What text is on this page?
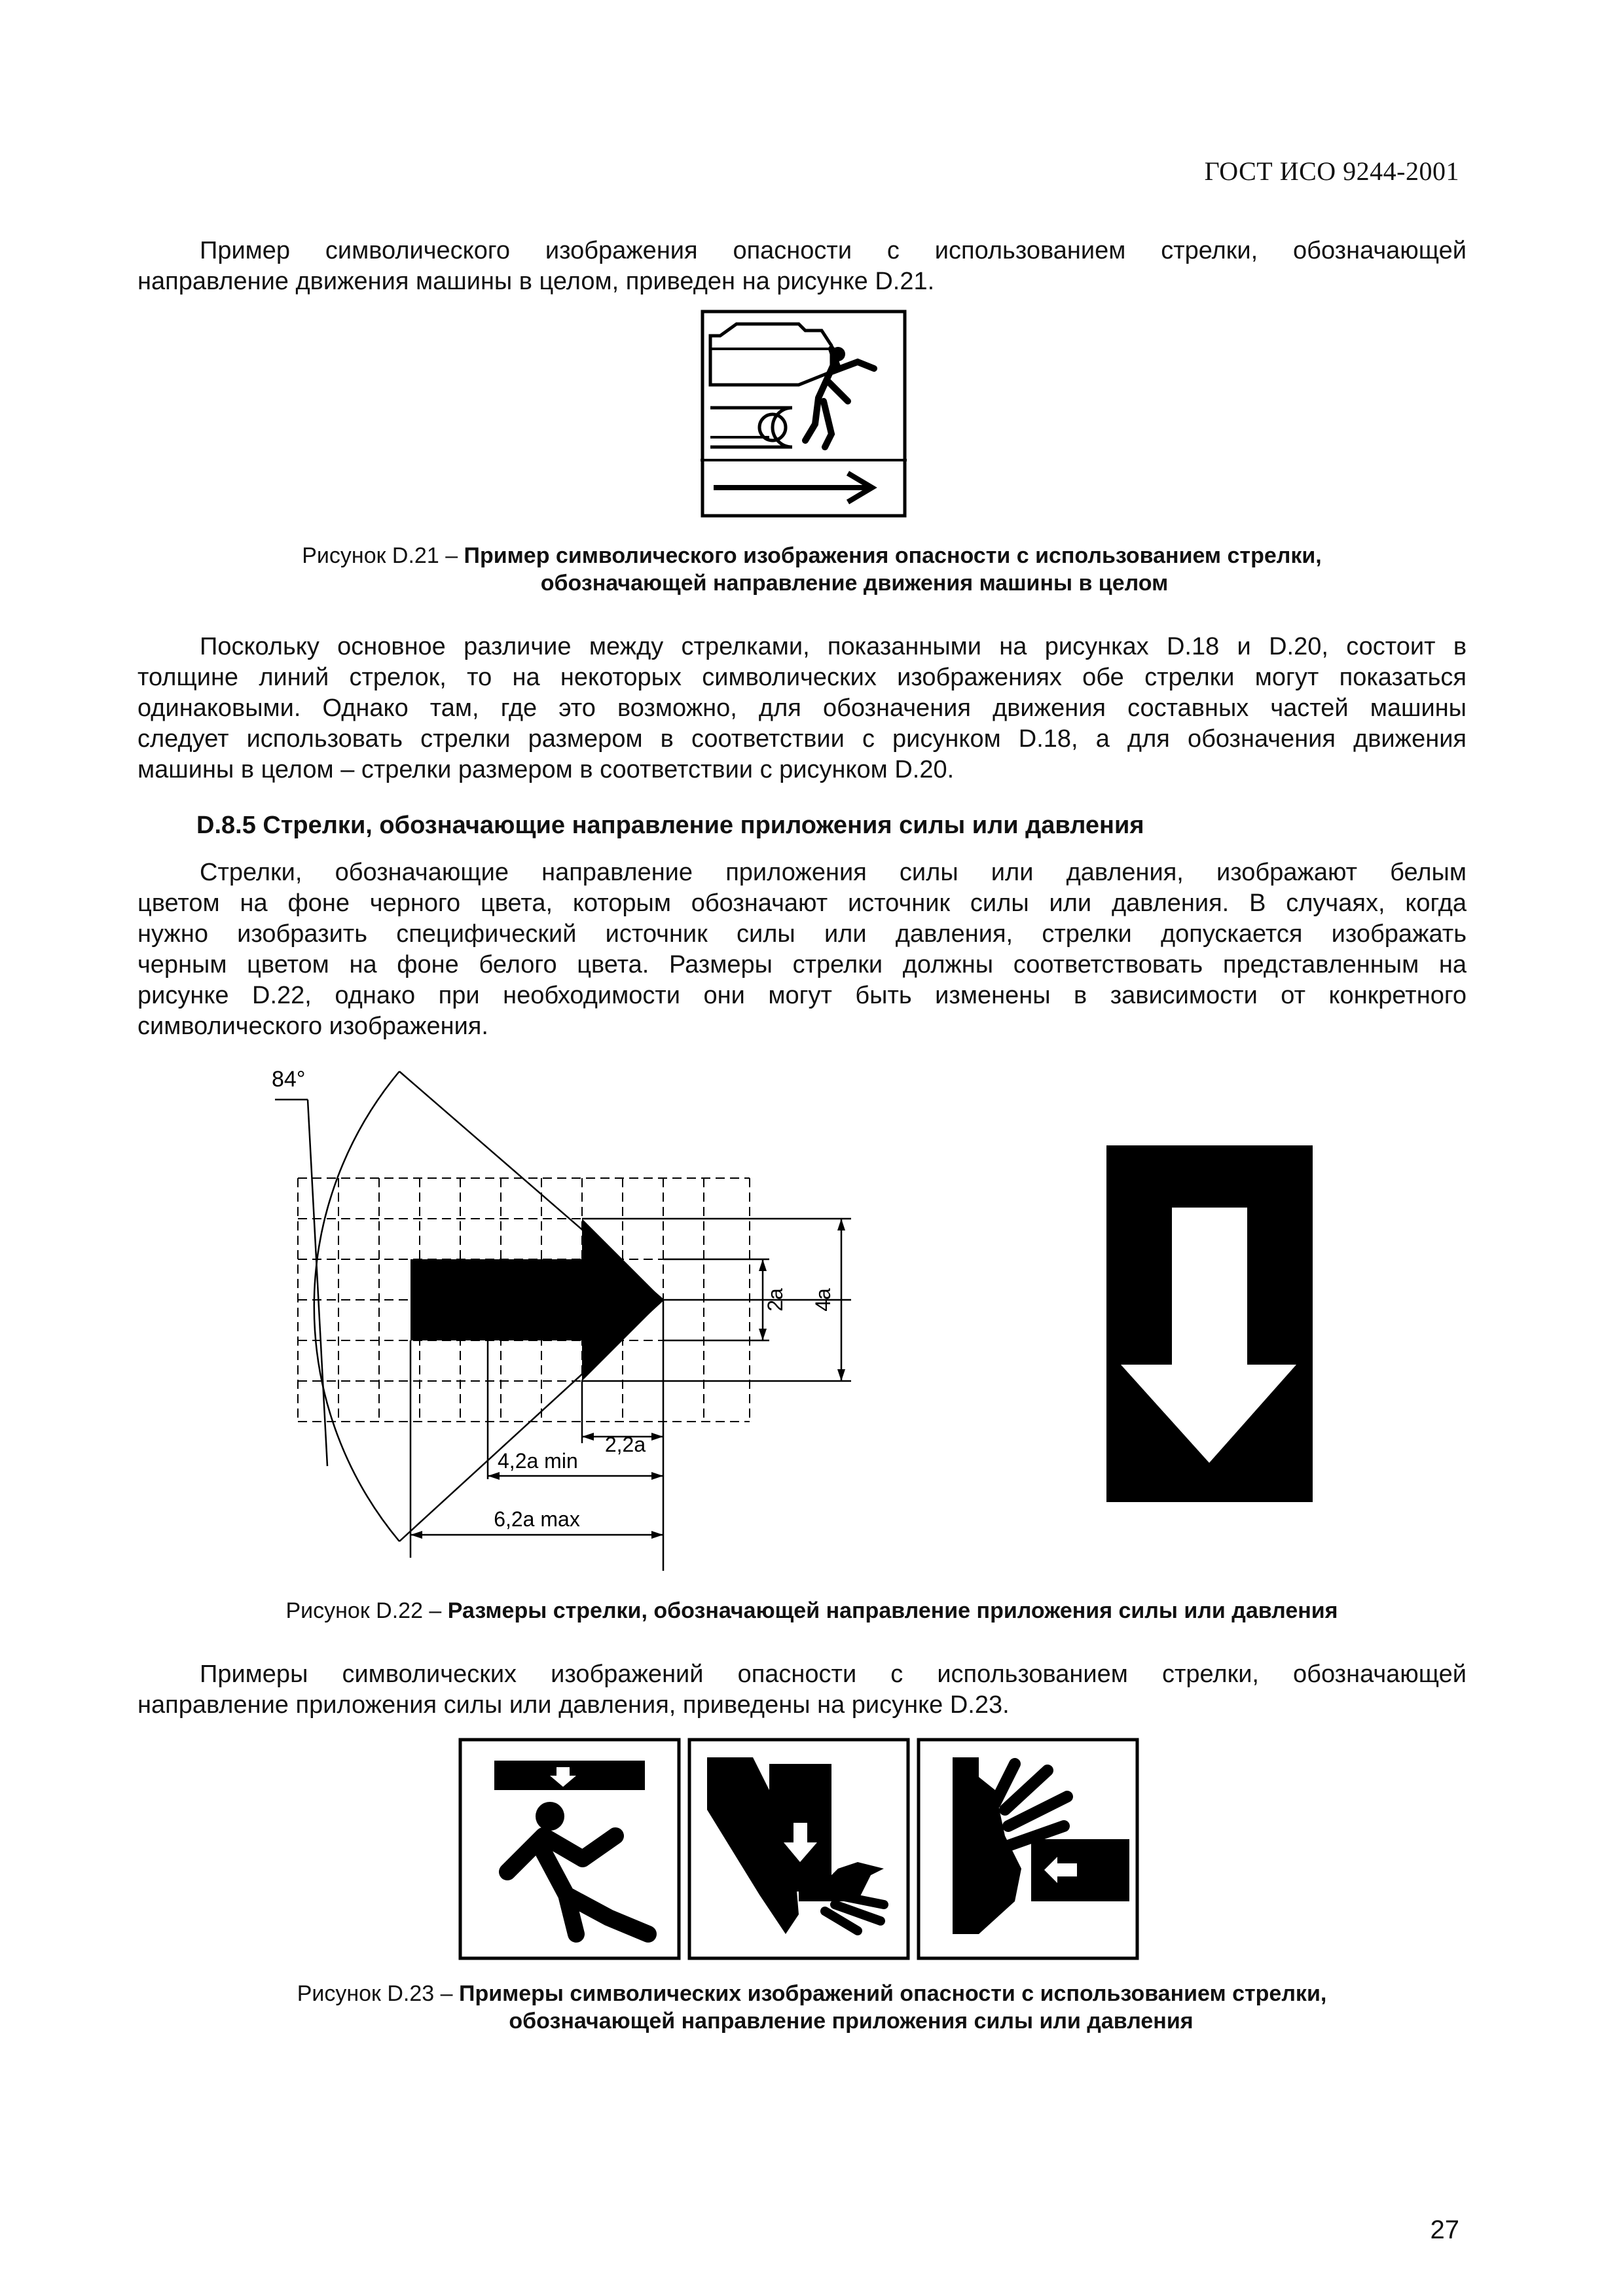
ГОСТ ИСО 9244-2001
Пример символического изображения опасности с использованием стрелки, обозначающей
направление движения машины в целом, приведен на рисунке D.21.
Рисунок D.21 – Пример символического изображения опасности с использованием стрелки,
обозначающей направление движения машины в целом
Поскольку основное различие между стрелками, показанными на рисунках D.18 и D.20, состоит в
толщине линий стрелок, то на некоторых символических изображениях обе стрелки могут показаться
одинаковыми. Однако там, где это возможно, для обозначения движения составных частей машины
следует использовать стрелки размером в соответствии с рисунком D.18, а для обозначения движения
машины в целом – стрелки размером в соответствии с рисунком D.20.
D.8.5 Стрелки, обозначающие направление приложения силы или давления
Стрелки, обозначающие направление приложения силы или давления, изображают белым
цветом на фоне черного цвета, которым обозначают источник силы или давления. В случаях, когда
нужно изобразить специфический источник силы или давления, стрелки допускается изображать
черным цветом на фоне белого цвета. Размеры стрелки должны соответствовать представленным на
рисунке D.22, однако при необходимости они могут быть изменены в зависимости от конкретного
символического изображения.
84°
2a 4a
2,2a
4,2a min
6,2a max
Рисунок D.22 – Размеры стрелки, обозначающей направление приложения силы или давления
Примеры символических изображений опасности с использованием стрелки, обозначающей
направление приложения силы или давления, приведены на рисунке D.23.
Рисунок D.23 – Примеры символических изображений опасности с использованием стрелки,
обозначающей направление приложения силы или давления
27
